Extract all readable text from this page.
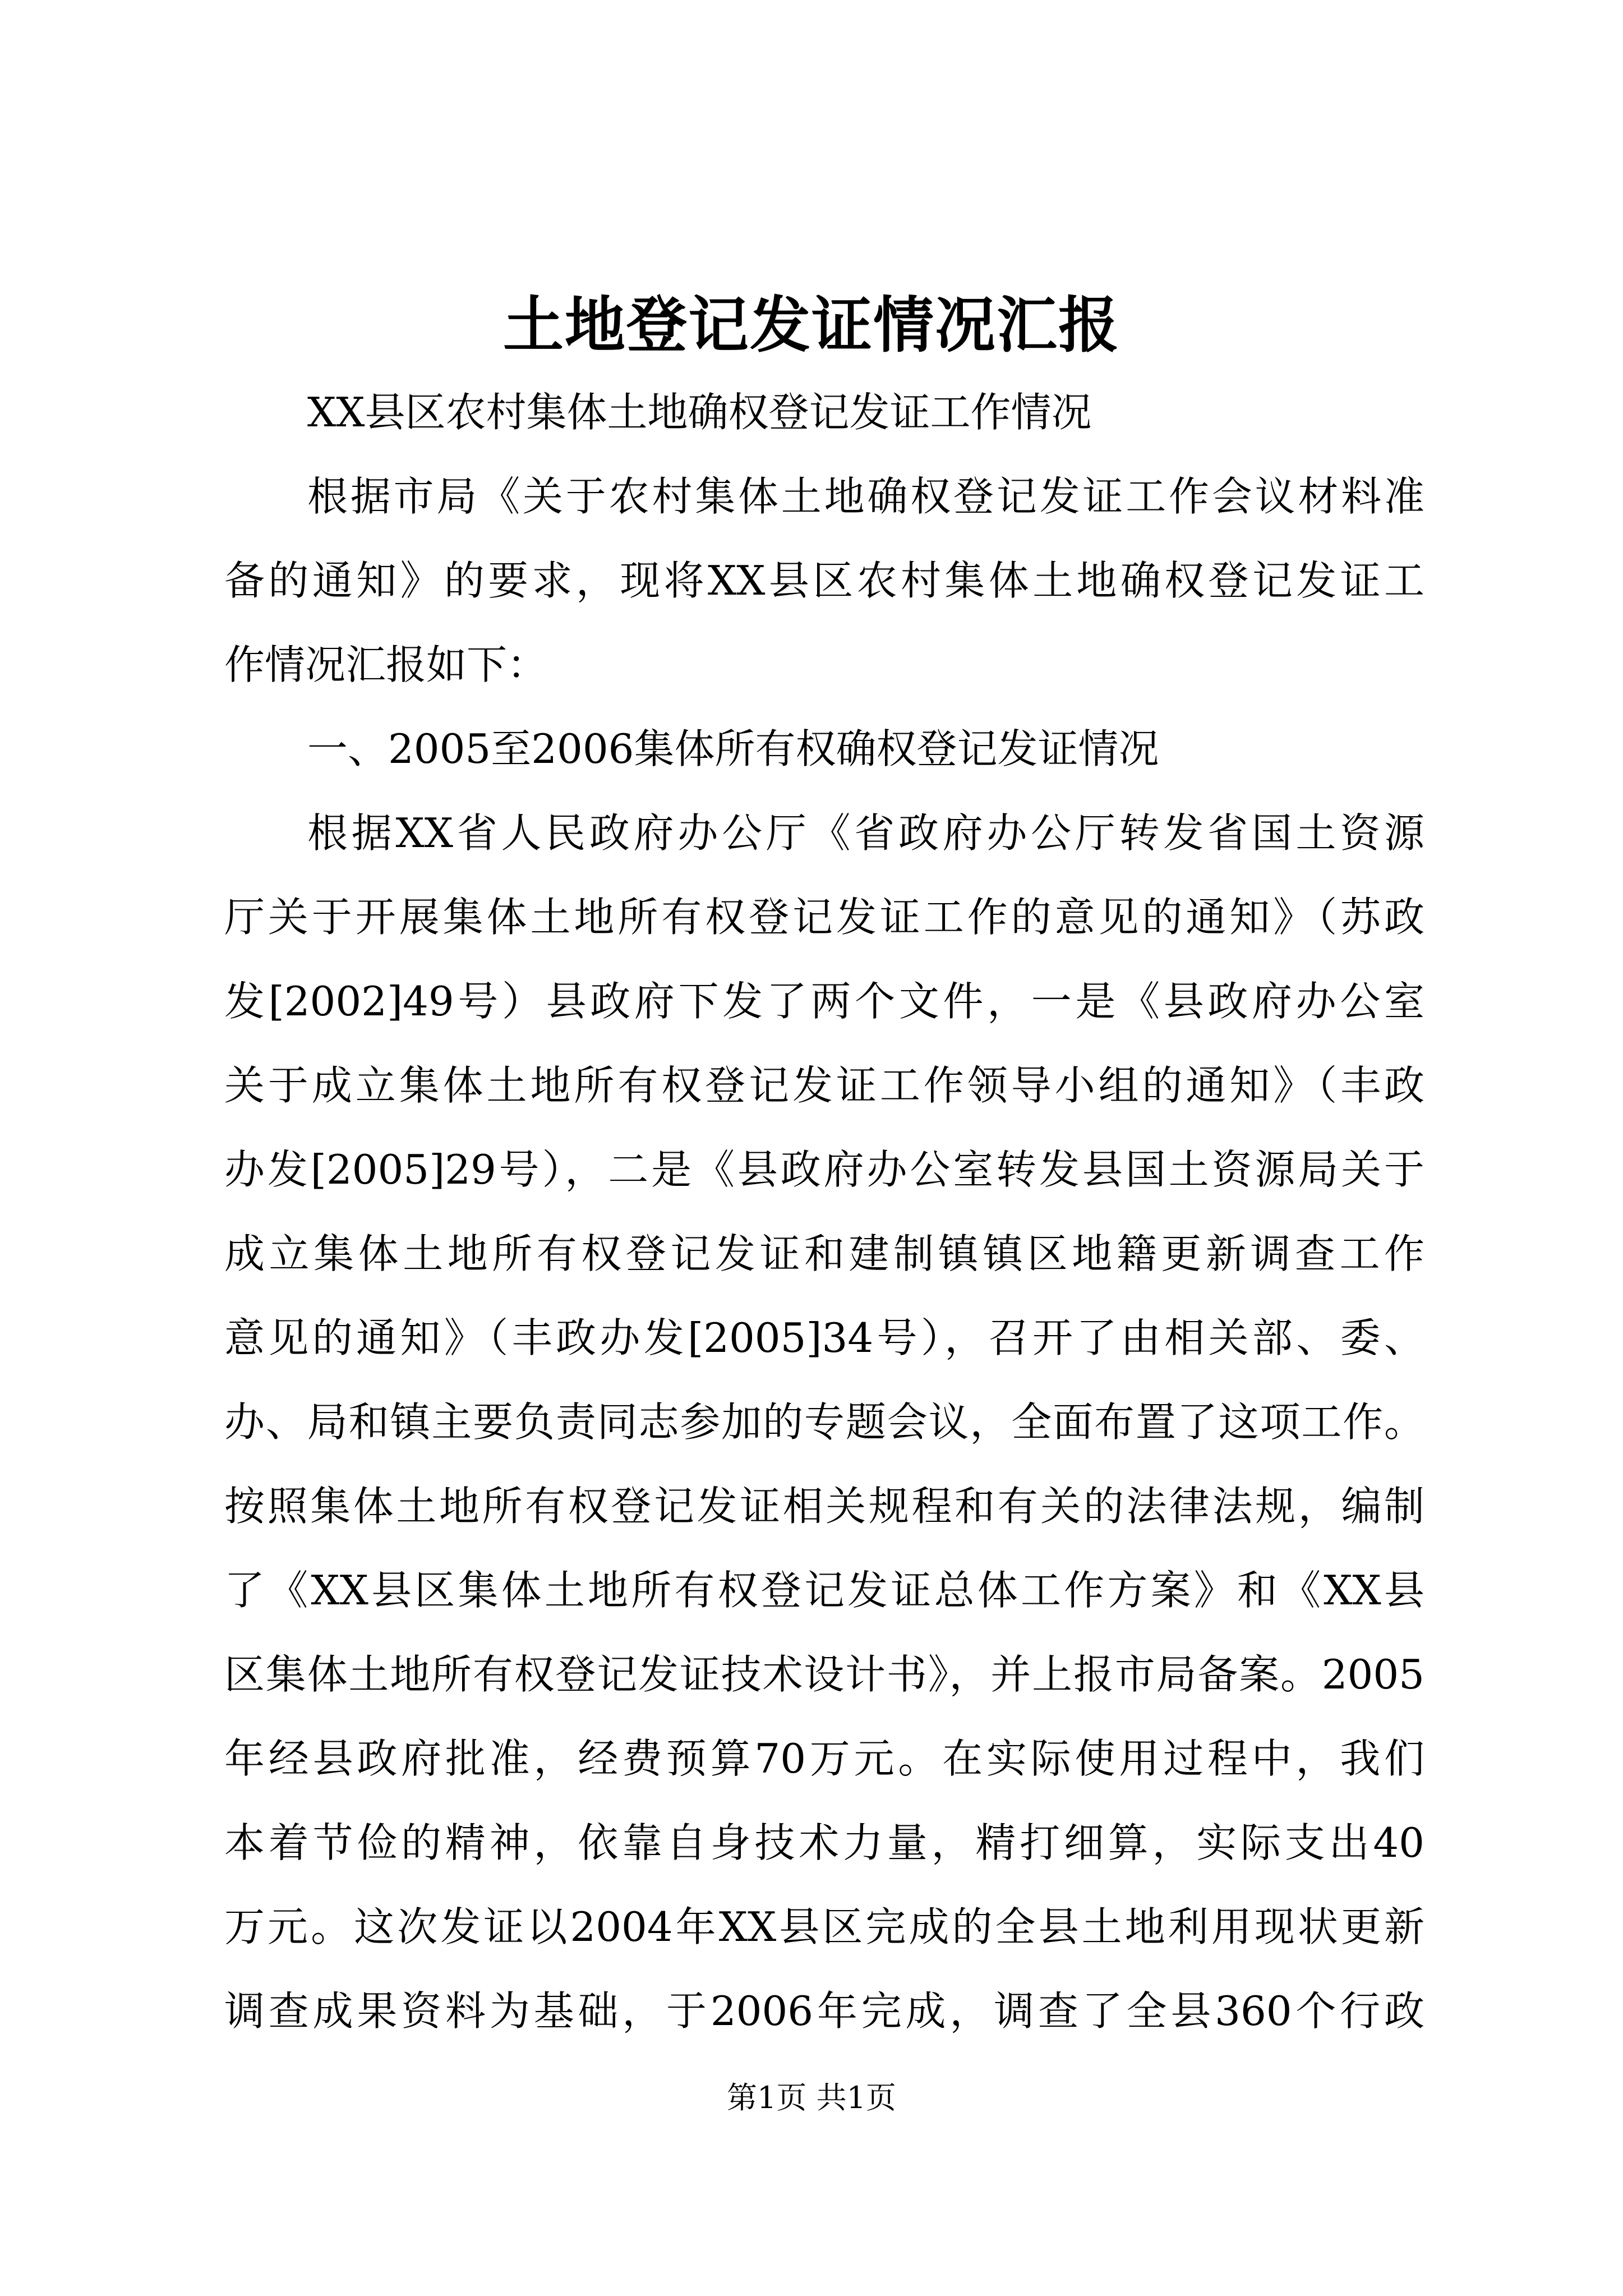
土地登记发证情况汇报
XX县区农村集体土地确权登记发证工作情况
根据市局《关于农村集体土地确权登记发证工作会议材料准
备的通知》的要求，现将XX县区农村集体土地确权登记发证工
作情况汇报如下：
一、2005至2006集体所有权确权登记发证情况
根据XX省人民政府办公厅《省政府办公厅转发省国土资源
厅关于开展集体土地所有权登记发证工作的意见的通知》（苏政
发[2002]49号）县政府下发了两个文件，一是《县政府办公室
关于成立集体土地所有权登记发证工作领导小组的通知》（丰政
办发[2005]29号），二是《县政府办公室转发县国土资源局关于
成立集体土地所有权登记发证和建制镇镇区地籍更新调查工作
意见的通知》（丰政办发[2005]34号），召开了由相关部、委、
办、局和镇主要负责同志参加的专题会议，全面布置了这项工作。
按照集体土地所有权登记发证相关规程和有关的法律法规，编制
了《XX县区集体土地所有权登记发证总体工作方案》和《XX县
区集体土地所有权登记发证技术设计书》，并上报市局备案。2005
年经县政府批准，经费预算70万元。在实际使用过程中，我们
本着节俭的精神，依靠自身技术力量，精打细算，实际支出40
万元。这次发证以2004年XX县区完成的全县土地利用现状更新
调查成果资料为基础，于2006年完成，调查了全县360个行政
第1页 共1页
